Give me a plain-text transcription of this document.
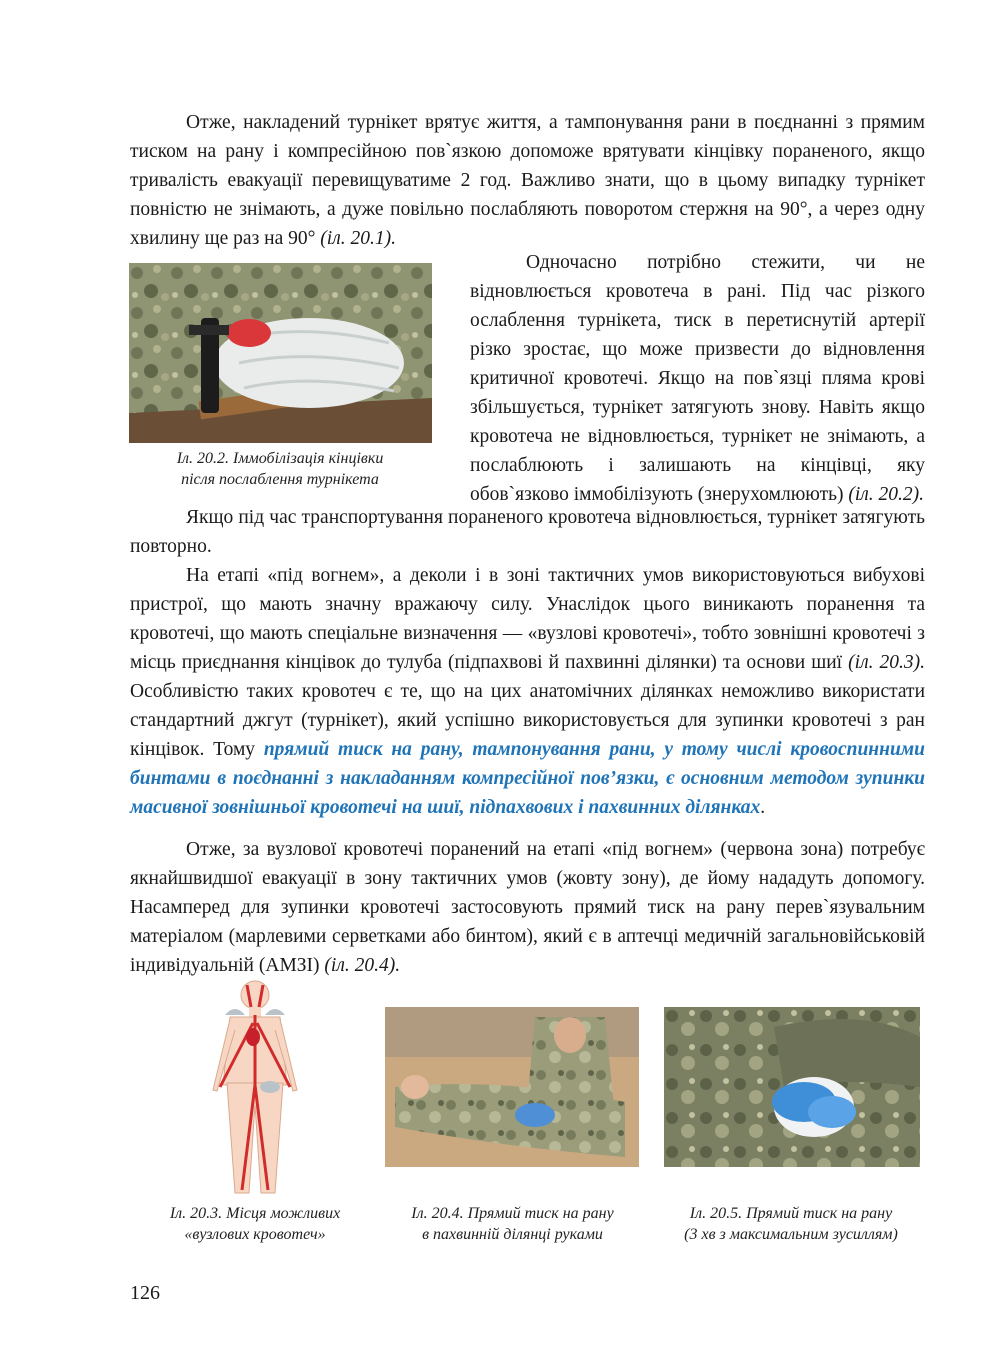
Отже, накладений турнікет врятує життя, а тампонування рани в поєднанні з прямим тиском на рану і компресійною пов`язкою допоможе врятувати кінцівку пораненого, якщо тривалість евакуації перевищуватиме 2 год. Важливо знати, що в цьому випадку турнікет повністю не знімають, а дуже повільно послабляють поворотом стержня на 90°, а через одну хвилину ще раз на 90° (іл. 20.1).

Іл. 20.2. Іммобілізація кінцівки
після послаблення турнікета

Одночасно потрібно стежити, чи не відновлюється кровотеча в рані. Під час різкого ослаблення турнікета, тиск в перетиснутій артерії різко зростає, що може призвести до відновлення критичної кровотечі. Якщо на пов`язці пляма крові збільшується, турнікет затягують знову. Навіть якщо кровотеча не відновлюється, турнікет не знімають, а послаблюють і залишають на кінцівці, яку обов`язково іммобілізують (знерухомлюють) (іл. 20.2).

Якщо під час транспортування пораненого кровотеча відновлюється, турнікет затягують повторно.

На етапі «під вогнем», а деколи і в зоні тактичних умов використовуються вибухові пристрої, що мають значну вражаючу силу. Унаслідок цього виникають поранення та кровотечі, що мають спеціальне визначення — «вузлові кровотечі», тобто зовнішні кровотечі з місць приєднання кінцівок до тулуба (підпахвові й пахвинні ділянки) та основи шиї (іл. 20.3). Особливістю таких кровотеч є те, що на цих анатомічних ділянках неможливо використати стандартний джгут (турнікет), який успішно використовується для зупинки кровотечі з ран кінцівок. Тому прямий тиск на рану, тампонування рани, у тому числі кровоспинними бинтами в поєднанні з накладанням компресійної пов’язки, є основним методом зупинки масивної зовнішньої кровотечі на шиї, підпахвових і пахвинних ділянках.

Отже, за вузлової кровотечі поранений на етапі «під вогнем» (червона зона) потребує якнайшвидшої евакуації в зону тактичних умов (жовту зону), де йому нададуть допомогу. Насамперед для зупинки кровотечі застосовують прямий тиск на рану перев`язувальним матеріалом (марлевими серветками або бинтом), який є в аптечці медичній загальновійськовій індивідуальній (АМЗІ) (іл. 20.4).

Іл. 20.3. Місця можливих
«вузлових кровотеч»
Іл. 20.4. Прямий тиск на рану
в пахвинній ділянці руками
Іл. 20.5. Прямий тиск на рану
(3 хв з максимальним зусиллям)
126
